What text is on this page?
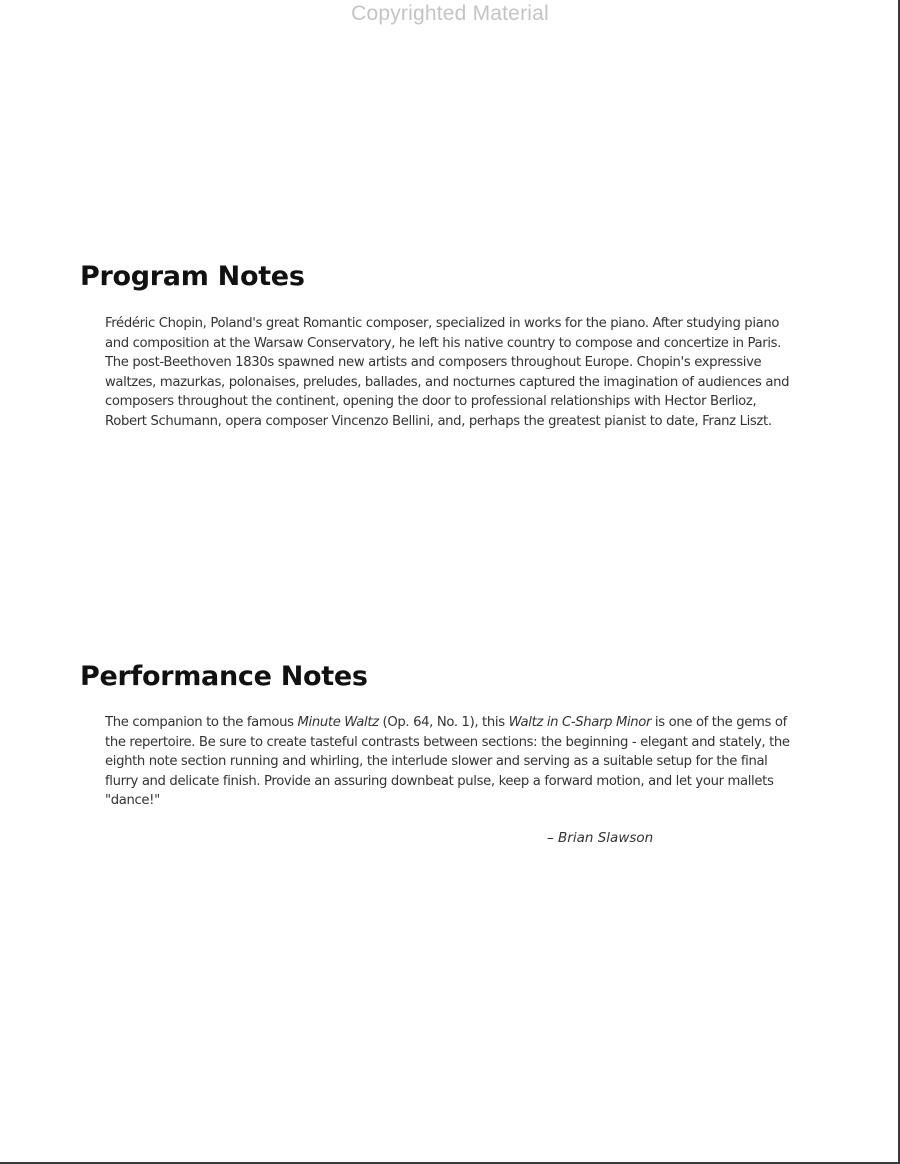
Copyrighted Material
Program Notes

Frédéric Chopin, Poland's great Romantic composer, specialized in works for the piano. After studying piano and composition at the Warsaw Conservatory, he left his native country to compose and concertize in Paris. The post-Beethoven 1830s spawned new artists and composers throughout Europe. Chopin's expressive waltzes, mazurkas, polonaises, preludes, ballades, and nocturnes captured the imagination of audiences and composers throughout the continent, opening the door to professional relationships with Hector Berlioz, Robert Schumann, opera composer Vincenzo Bellini, and, perhaps the greatest pianist to date, Franz Liszt.

Performance Notes

The companion to the famous Minute Waltz (Op. 64, No. 1), this Waltz in C-Sharp Minor is one of the gems of the repertoire. Be sure to create tasteful contrasts between sections: the beginning - elegant and stately, the eighth note section running and whirling, the interlude slower and serving as a suitable setup for the final flurry and delicate finish. Provide an assuring downbeat pulse, keep a forward motion, and let your mallets "dance!"

– Brian Slawson
